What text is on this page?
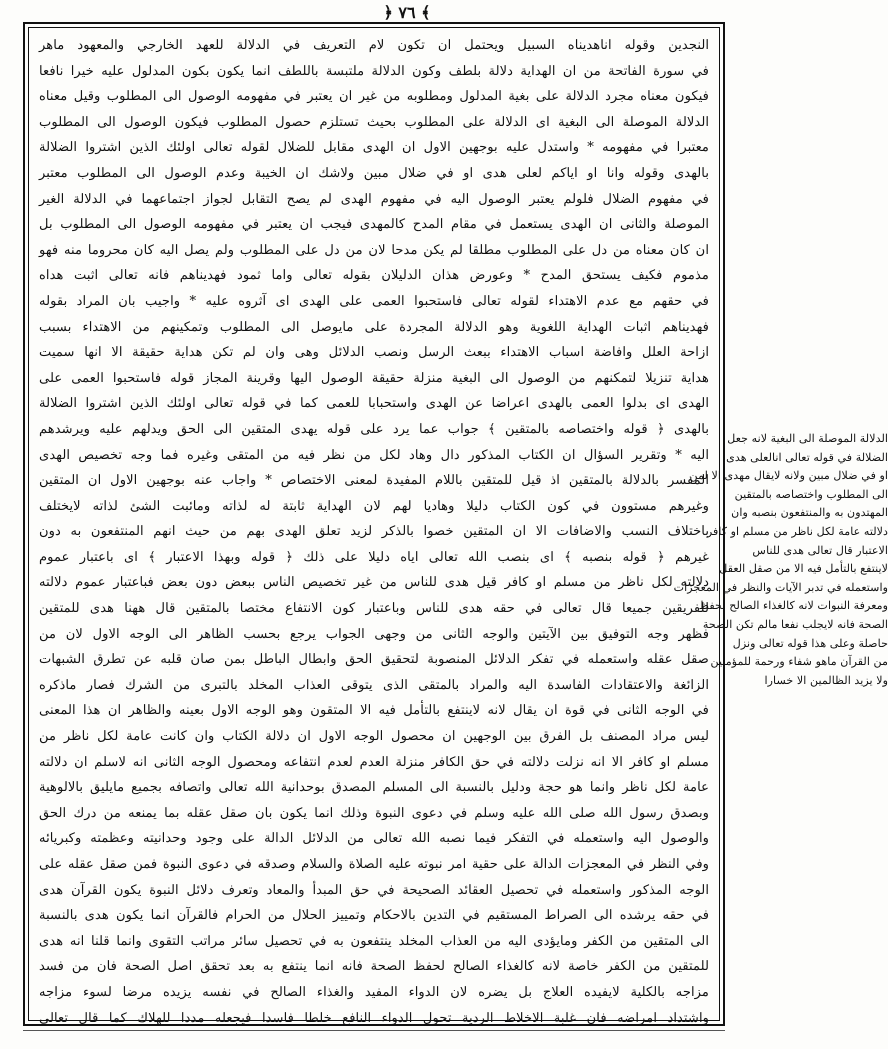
﴿ ٧٦ ﴾
النجدين وقوله اناهديناه السبيل ويحتمل ان تكون لام التعريف في الدلالة للعهد الخارجي والمعهود ماهر
في سورة الفاتحة من ان الهداية دلالة بلطف وكون الدلالة ملتبسة باللطف انما يكون بكون المدلول عليه خيرا نافعا
فيكون معناه مجرد الدلالة على بغية المدلول ومطلوبه من غير ان يعتبر في مفهومه الوصول الى المطلوب وقيل معناه
الدلالة الموصلة الى البغية اى الدلالة على المطلوب بحيث تستلزم حصول المطلوب فيكون الوصول الى المطلوب
معتبرا في مفهومه * واستدل عليه بوجهين الاول ان الهدى مقابل للضلال لقوله تعالى اولئك الذين اشتروا الضلالة
بالهدى وقوله وانا او اياكم لعلى هدى او في ضلال مبين ولاشك ان الخيبة وعدم الوصول الى المطلوب معتبر
في مفهوم الضلال فلولم يعتبر الوصول اليه في مفهوم الهدى لم يصح التقابل لجواز اجتماعهما في الدلالة الغير
الموصلة والثانى ان الهدى يستعمل في مقام المدح كالمهدى فيجب ان يعتبر في مفهومه الوصول الى المطلوب بل
ان كان معناه من دل على المطلوب مطلقا لم يكن مدحا لان من دل على المطلوب ولم يصل اليه كان محروما منه فهو
مذموم فكيف يستحق المدح * وعورض هذان الدليلان بقوله تعالى واما ثمود فهديناهم فانه تعالى اثبت هداه
في حقهم مع عدم الاهتداء لقوله تعالى فاستحبوا العمى على الهدى اى آثروه عليه * واجيب بان المراد بقوله
فهديناهم اثبات الهداية اللغوية وهو الدلالة المجردة على مايوصل الى المطلوب وتمكينهم من الاهتداء بسبب
ازاحة العلل وافاضة اسباب الاهتداء ببعث الرسل ونصب الدلائل وهى وان لم تكن هداية حقيقة الا انها سميت
هداية تنزيلا لتمكنهم من الوصول الى البغية منزلة حقيقة الوصول اليها وقرينة المجاز قوله فاستحبوا العمى على
الهدى اى بدلوا العمى بالهدى اعراضا عن الهدى واستحبابا للعمى كما في قوله تعالى اولئك الذين اشتروا الضلالة
بالهدى ﴿ قوله واختصاصه بالمتقين ﴾ جواب عما يرد على قوله يهدى المتقين الى الحق ويدلهم عليه ويرشدهم
اليه * وتقرير السؤال ان الكتاب المذكور دال وهاد لكل من نظر فيه من المتقى وغيره فما وجه تخصيص الهدى
المفسر بالدلالة بالمتقين اذ قيل للمتقين باللام المفيدة لمعنى الاختصاص * واجاب عنه بوجهين الاول ان المتقين
وغيرهم مستوون في كون الكتاب دليلا وهاديا لهم لان الهداية ثابتة له لذاته ومائبت الشئ لذاته لايختلف
باختلاف النسب والاضافات الا ان المتقين خصوا بالذكر لزيد تعلق الهدى بهم من حيث انهم المنتفعون به دون
غيرهم ﴿ قوله بنصبه ﴾ اى بنصب الله تعالى اياه دليلا على ذلك ﴿ قوله وبهذا الاعتبار ﴾ اى باعتبار عموم
دلالته لكل ناظر من مسلم او كافر قيل هدى للناس من غير تخصيص الناس ببعض دون بعض فباعتبار عموم دلالته
للفريقين جميعا قال تعالى في حقه هدى للناس وباعتبار كون الانتفاع مختصا بالمتقين قال ههنا هدى للمتقين
فظهر وجه التوفيق بين الآيتين والوجه الثانى من وجهى الجواب يرجع بحسب الظاهر الى الوجه الاول لان من
صقل عقله واستعمله في تفكر الدلائل المنصوبة لتحقيق الحق وابطال الباطل بمن صان قلبه عن تطرق الشبهات
الزائغة والاعتقادات الفاسدة اليه والمراد بالمتقى الذى يتوقى العذاب المخلد بالتبرى من الشرك فصار ماذكره
في الوجه الثانى في قوة ان يقال لانه لاينتفع بالتأمل فيه الا المتقون وهو الوجه الاول بعينه والظاهر ان هذا المعنى
ليس مراد المصنف بل الفرق بين الوجهين ان محصول الوجه الاول ان دلالة الكتاب وان كانت عامة لكل ناظر من
مسلم او كافر الا انه نزلت دلالته في حق الكافر منزلة العدم لعدم انتفاعه ومحصول الوجه الثانى انه لاسلم ان دلالته
عامة لكل ناظر وانما هو حجة ودليل بالنسبة الى المسلم المصدق بوحدانية الله تعالى واتصافه بجميع مايليق بالالوهية
وبصدق رسول الله صلى الله عليه وسلم في دعوى النبوة وذلك انما يكون بان صقل عقله بما يمنعه من درك الحق
والوصول اليه واستعمله في التفكر فيما نصبه الله تعالى من الدلائل الدالة على وجود وحدانيته وعظمته وكبريائه
وفي النظر في المعجزات الدالة على حقية امر نبوته عليه الصلاة والسلام وصدقه في دعوى النبوة فمن صقل عقله على
الوجه المذكور واستعمله في تحصيل العقائد الصحيحة في حق المبدأ والمعاد وتعرف دلائل النبوة يكون القرآن هدى
في حقه يرشده الى الصراط المستقيم في التدين بالاحكام وتمييز الحلال من الحرام فالقرآن انما يكون هدى بالنسبة
الى المتقين من الكفر ومايؤدى اليه من العذاب المخلد ينتفعون به في تحصيل سائر مراتب التقوى وانما قلنا انه هدى
للمتقين من الكفر خاصة لانه كالغذاء الصالح لحفظ الصحة فانه انما ينتفع به بعد تحقق اصل الصحة فان من فسد
مزاجه بالكلية لايفيده العلاج بل يضره لان الدواء المفيد والغذاء الصالح في نفسه يزيده مرضا لسوء مزاجه
واشتداد امراضه فان غلبة الاخلاط الردية تحول الدواء النافع خلطا فاسدا فيجعله مددا للهلاك كما قال تعالى
الدلالة الموصلة الى البغية لانه جعل
الضلالة في قوله تعالى انالعلى هدى
او في ضلال مبين ولانه لايقال مهدى الا لمن
الى المطلوب واختصاصه بالمتقين
المهتدون به والمنتفعون بنصبه وان
دلالته عامة لكل ناظر من مسلم او كافر
الاعتبار قال تعالى هدى للناس
لاينتفع بالتأمل فيه الا من صقل العقل
واستعمله في تدبر الآيات والنظر في المعجزات
ومعرفة النبوات لانه كالغذاء الصالح لحفظ
الصحة فانه لايجلب نفعا مالم تكن الصحة
حاصلة وعلى هذا قوله تعالى ونزل
من القرآن ماهو شفاء ورحمة للمؤمنين
ولا يزيد الظالمين الا خسارا
